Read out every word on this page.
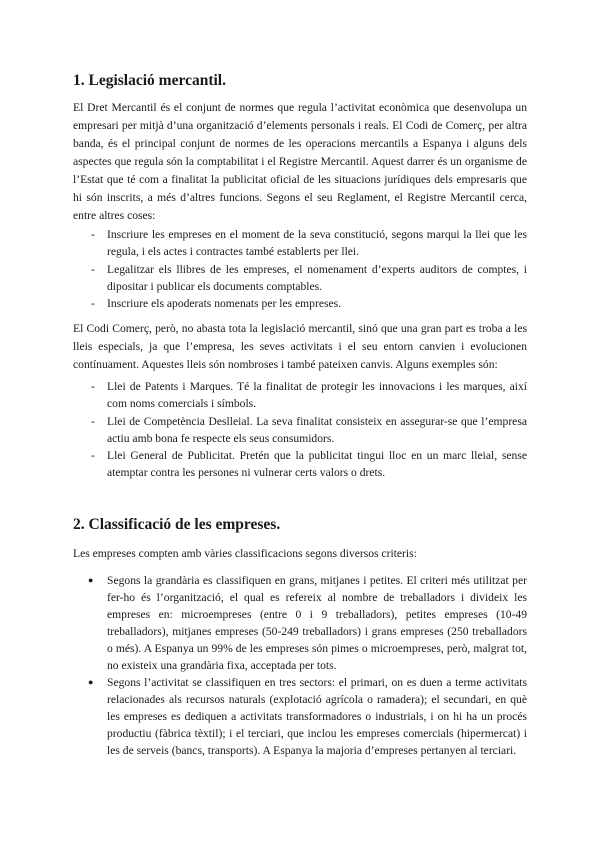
1. Legislació mercantil.

El Dret Mercantil és el conjunt de normes que regula l’activitat econòmica que desenvolupa un empresari per mitjà d’una organització d’elements personals i reals. El Codi de Comerç, per altra banda, és el principal conjunt de normes de les operacions mercantils a Espanya i alguns dels aspectes que regula són la comptabilitat i el Registre Mercantil. Aquest darrer és un organisme de l’Estat que té com a finalitat la publicitat oficial de les situacions jurídiques dels empresaris que hi són inscrits, a més d’altres funcions. Segons el seu Reglament, el Registre Mercantil cerca, entre altres coses:

- Inscriure les empreses en el moment de la seva constitució, segons marqui la llei que les regula, i els actes i contractes també establerts per llei.
- Legalitzar els llibres de les empreses, el nomenament d’experts auditors de comptes, i dipositar i publicar els documents comptables.
- Inscriure els apoderats nomenats per les empreses.

El Codi Comerç, però, no abasta tota la legislació mercantil, sinó que una gran part es troba a les lleis especials, ja que l’empresa, les seves activitats i el seu entorn canvien i evolucionen contínuament. Aquestes lleis són nombroses i també pateixen canvis. Alguns exemples són:

- Llei de Patents i Marques. Té la finalitat de protegir les innovacions i les marques, així com noms comercials i símbols.
- Llei de Competència Deslleial. La seva finalitat consisteix en assegurar-se que l’empresa actiu amb bona fe respecte els seus consumidors.
- Llei General de Publicitat. Pretén que la publicitat tingui lloc en un marc lleial, sense atemptar contra les persones ni vulnerar certs valors o drets.
2. Classificació de les empreses.

Les empreses compten amb vàries classificacions segons diversos criteris:

● Segons la grandària es classifiquen en grans, mitjanes i petites. El criteri més utilitzat per fer-ho és l’organització, el qual es refereix al nombre de treballadors i divideix les empreses en: microempreses (entre 0 i 9 treballadors), petites empreses (10-49 treballadors), mitjanes empreses (50-249 treballadors) i grans empreses (250 treballadors o més). A Espanya un 99% de les empreses són pimes o microempreses, però, malgrat tot, no existeix una grandària fixa, acceptada per tots.
● Segons l’activitat se classifiquen en tres sectors: el primari, on es duen a terme activitats relacionades als recursos naturals (explotació agrícola o ramadera); el secundari, en què les empreses es dediquen a activitats transformadores o industrials, i on hi ha un procés productiu (fàbrica tèxtil); i el terciari, que inclou les empreses comercials (hipermercat) i les de serveis (bancs, transports). A Espanya la majoria d’empreses pertanyen al terciari.
